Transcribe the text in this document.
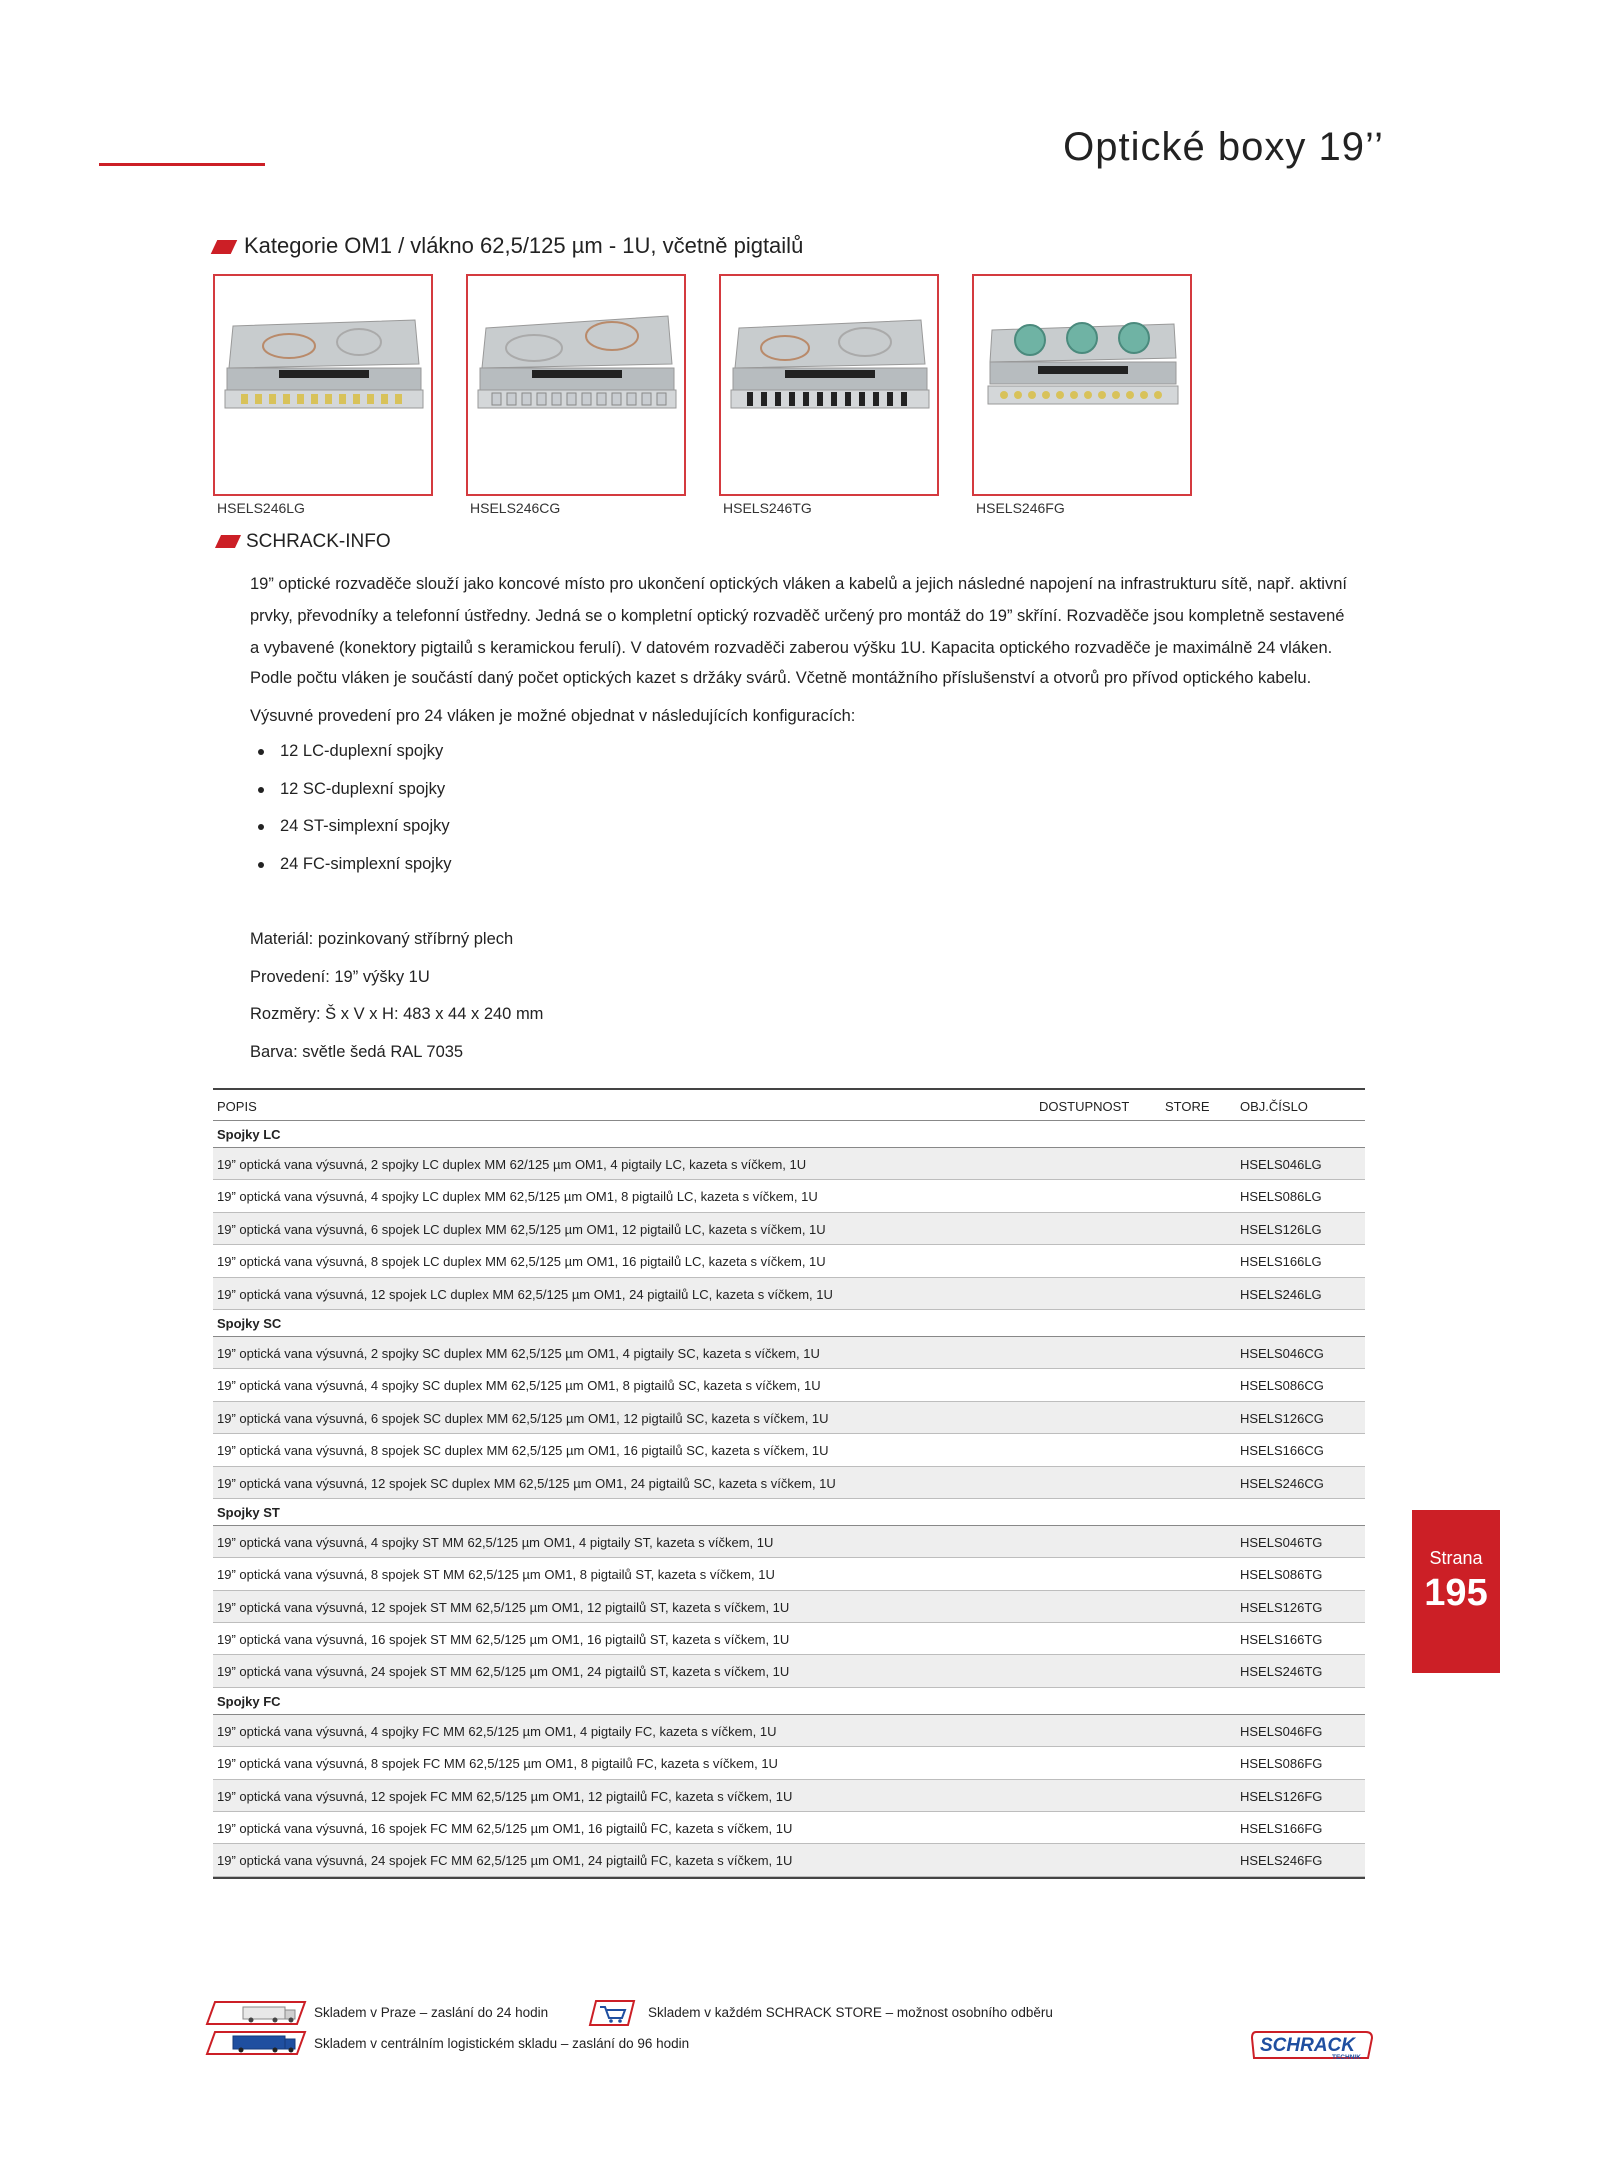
Optické boxy 19’’
Kategorie OM1 / vlákno 62,5/125 µm - 1U, včetně pigtailů
HSELS246LG	HSELS246CG	HSELS246TG	HSELS246FG
SCHRACK-INFO
19” optické rozvaděče slouží jako koncové místo pro ukončení optických vláken a kabelů a jejich následné napojení na infrastrukturu sítě, např. aktivní
prvky, převodníky a telefonní ústředny. Jedná se o kompletní optický rozvaděč určený pro montáž do 19” skříní. Rozvaděče jsou kompletně sestavené
a vybavené (konektory pigtailů s keramickou ferulí). V datovém rozvaděči zaberou výšku 1U. Kapacita optického rozvaděče je maximálně 24 vláken.
Podle počtu vláken je součástí daný počet optických kazet s držáky svárů. Včetně montážního příslušenství a otvorů pro přívod optického kabelu.
Výsuvné provedení pro 24 vláken je možné objednat v následujících konfiguracích:
12 LC-duplexní spojky
12 SC-duplexní spojky
24 ST-simplexní spojky
24 FC-simplexní spojky
Materiál: pozinkovaný stříbrný plech
Provedení: 19” výšky 1U
Rozměry: Š x V x H: 483 x 44 x 240 mm
Barva: světle šedá RAL 7035
POPIS	DOSTUPNOST	STORE OBJ.ČÍSLO
Spojky LC
19” optická vana výsuvná, 2 spojky LC duplex MM 62/125 µm OM1, 4 pigtaily LC, kazeta s víčkem, 1U	HSELS046LG
19” optická vana výsuvná, 4 spojky LC duplex MM 62,5/125 µm OM1, 8 pigtailů LC, kazeta s víčkem, 1U	HSELS086LG
19” optická vana výsuvná, 6 spojek LC duplex MM 62,5/125 µm OM1, 12 pigtailů LC, kazeta s víčkem, 1U	HSELS126LG
19” optická vana výsuvná, 8 spojek LC duplex MM 62,5/125 µm OM1, 16 pigtailů LC, kazeta s víčkem, 1U	HSELS166LG
19” optická vana výsuvná, 12 spojek LC duplex MM 62,5/125 µm OM1, 24 pigtailů LC, kazeta s víčkem, 1U	HSELS246LG
Spojky SC
19” optická vana výsuvná, 2 spojky SC duplex MM 62,5/125 µm OM1, 4 pigtaily SC, kazeta s víčkem, 1U	HSELS046CG
19” optická vana výsuvná, 4 spojky SC duplex MM 62,5/125 µm OM1, 8 pigtailů SC, kazeta s víčkem, 1U	HSELS086CG
19” optická vana výsuvná, 6 spojek SC duplex MM 62,5/125 µm OM1, 12 pigtailů SC, kazeta s víčkem, 1U	HSELS126CG
19” optická vana výsuvná, 8 spojek SC duplex MM 62,5/125 µm OM1, 16 pigtailů SC, kazeta s víčkem, 1U	HSELS166CG
19” optická vana výsuvná, 12 spojek SC duplex MM 62,5/125 µm OM1, 24 pigtailů SC, kazeta s víčkem, 1U	HSELS246CG
Spojky ST
19” optická vana výsuvná, 4 spojky ST MM 62,5/125 µm OM1, 4 pigtaily ST, kazeta s víčkem, 1U	HSELS046TG
19” optická vana výsuvná, 8 spojek ST MM 62,5/125 µm OM1, 8 pigtailů ST, kazeta s víčkem, 1U	HSELS086TG
19” optická vana výsuvná, 12 spojek ST MM 62,5/125 µm OM1, 12 pigtailů ST, kazeta s víčkem, 1U	HSELS126TG
19” optická vana výsuvná, 16 spojek ST MM 62,5/125 µm OM1, 16 pigtailů ST, kazeta s víčkem, 1U	HSELS166TG
19” optická vana výsuvná, 24 spojek ST MM 62,5/125 µm OM1, 24 pigtailů ST, kazeta s víčkem, 1U	HSELS246TG
Spojky FC
19” optická vana výsuvná, 4 spojky FC MM 62,5/125 µm OM1, 4 pigtaily FC, kazeta s víčkem, 1U	HSELS046FG
19” optická vana výsuvná, 8 spojek FC MM 62,5/125 µm OM1, 8 pigtailů FC, kazeta s víčkem, 1U	HSELS086FG
19” optická vana výsuvná, 12 spojek FC MM 62,5/125 µm OM1, 12 pigtailů FC, kazeta s víčkem, 1U	HSELS126FG
19” optická vana výsuvná, 16 spojek FC MM 62,5/125 µm OM1, 16 pigtailů FC, kazeta s víčkem, 1U	HSELS166FG
19” optická vana výsuvná, 24 spojek FC MM 62,5/125 µm OM1, 24 pigtailů FC, kazeta s víčkem, 1U	HSELS246FG
Strana
195
Skladem v Praze – zaslání do 24 hodin	Skladem v každém SCHRACK STORE – možnost osobního odběru
Skladem v centrálním logistickém skladu – zaslání do 96 hodin	SCHRACK
TECHNIK
